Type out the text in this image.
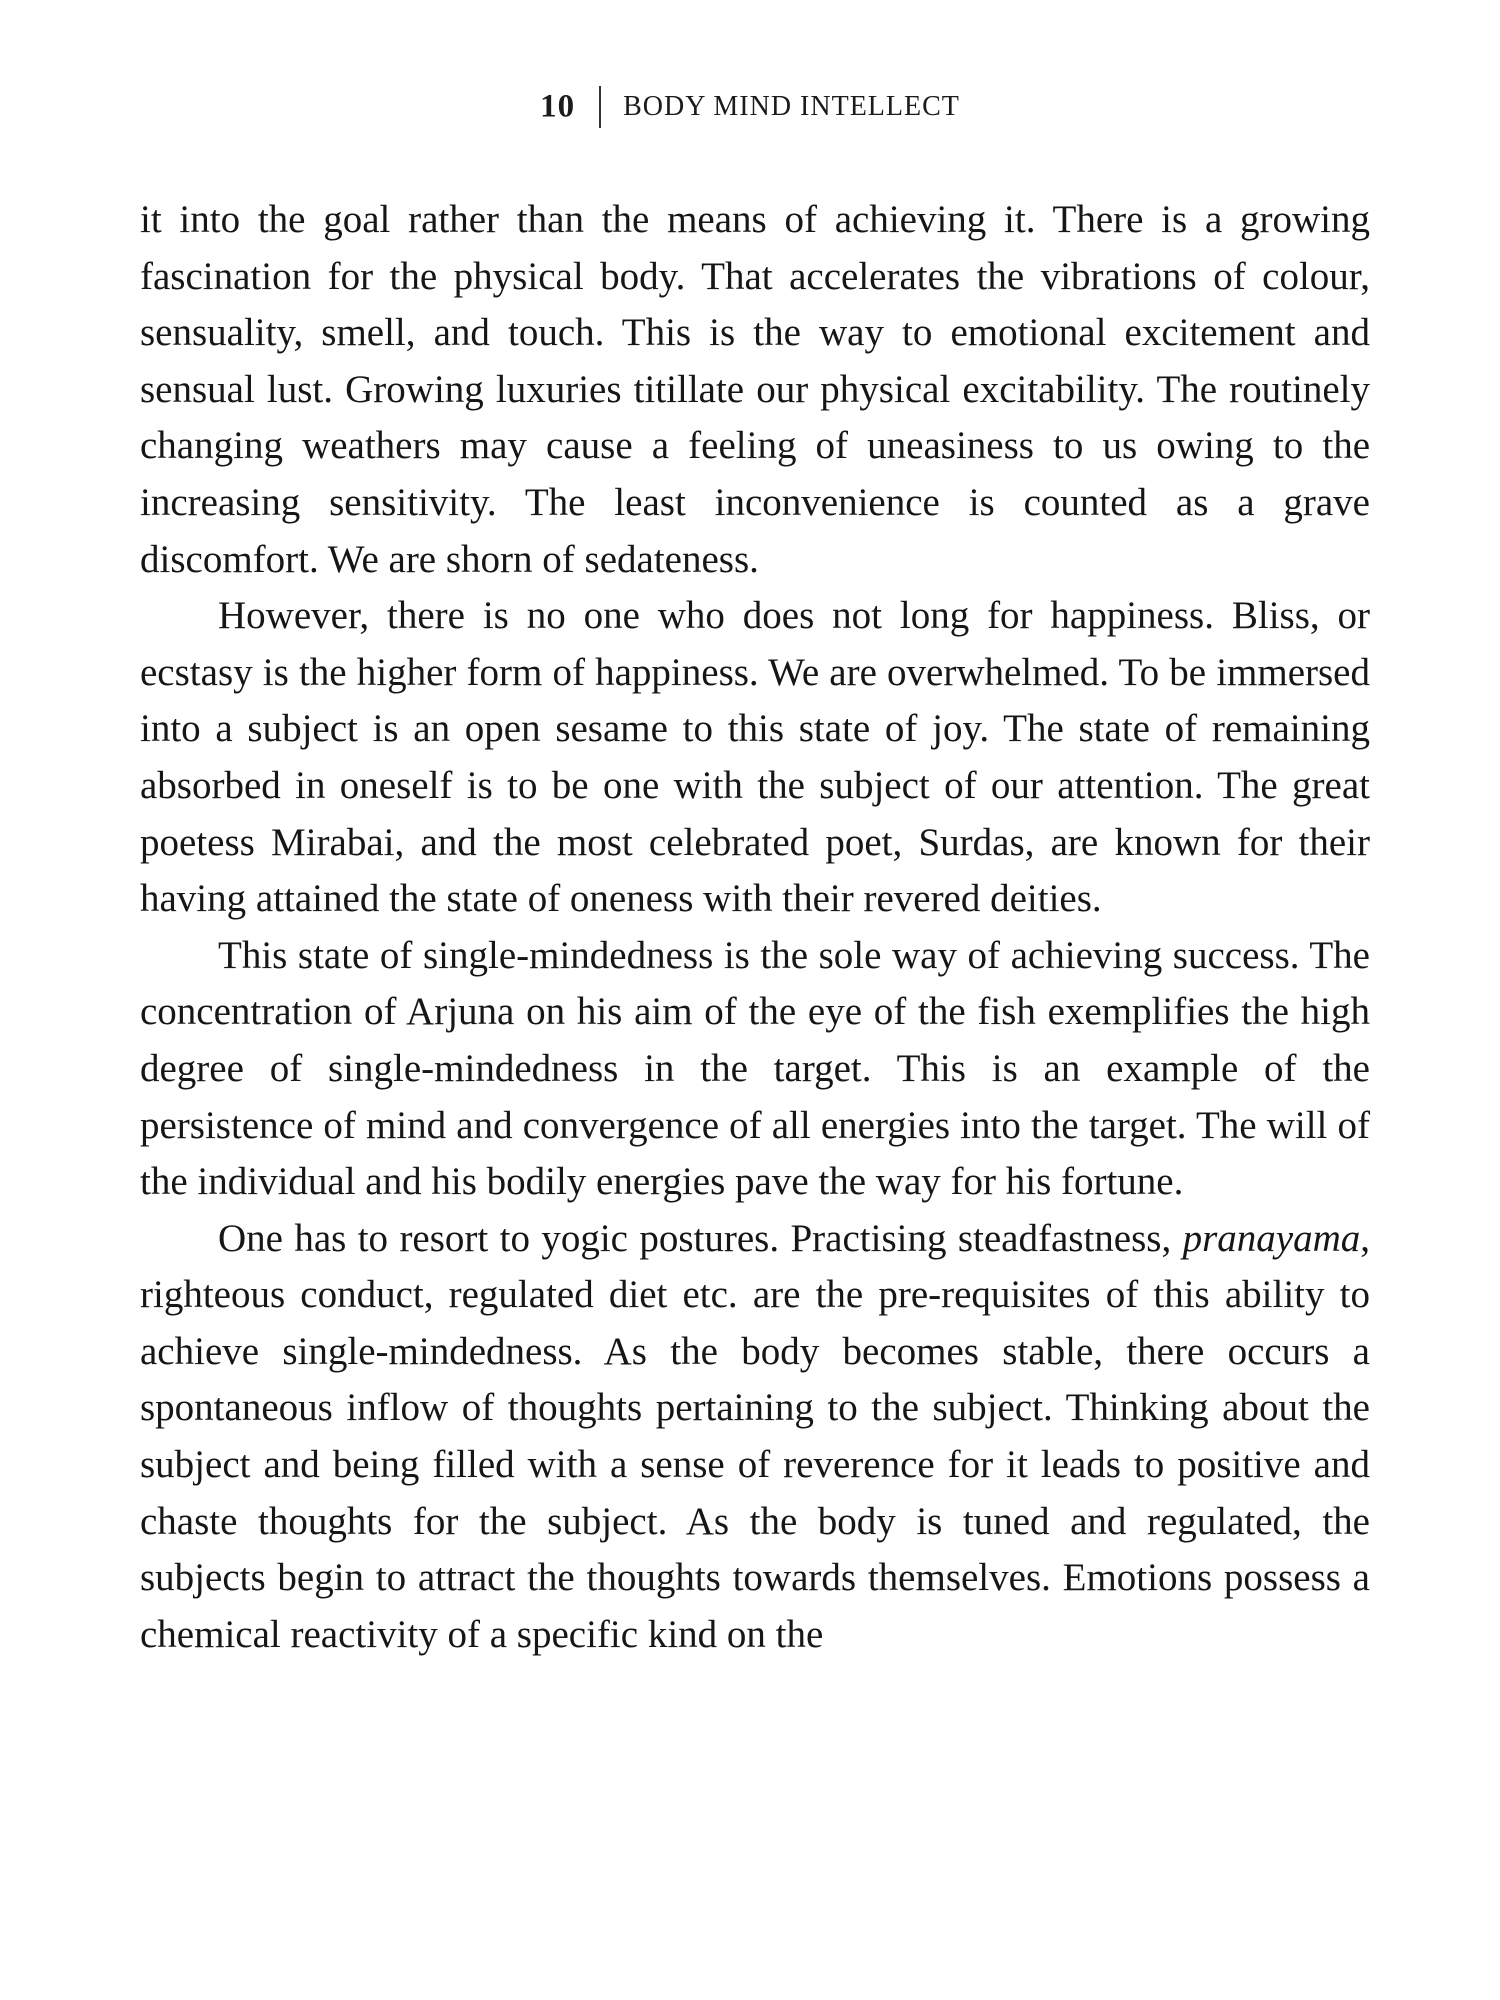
10 BODY MIND INTELLECT

it into the goal rather than the means of achieving it. There is a growing fascination for the physical body. That accelerates the vibrations of colour, sensuality, smell, and touch. This is the way to emotional excitement and sensual lust. Growing luxuries titillate our physical excitability. The routinely changing weathers may cause a feeling of uneasiness to us owing to the increasing sensitivity. The least inconvenience is counted as a grave discomfort. We are shorn of sedateness.

However, there is no one who does not long for happiness. Bliss, or ecstasy is the higher form of happiness. We are overwhelmed. To be immersed into a subject is an open sesame to this state of joy. The state of remaining absorbed in oneself is to be one with the subject of our attention. The great poetess Mirabai, and the most celebrated poet, Surdas, are known for their having attained the state of oneness with their revered deities.

This state of single-mindedness is the sole way of achieving success. The concentration of Arjuna on his aim of the eye of the fish exemplifies the high degree of single-mindedness in the target. This is an example of the persistence of mind and convergence of all energies into the target. The will of the individual and his bodily energies pave the way for his fortune.

One has to resort to yogic postures. Practising steadfastness, pranayama, righteous conduct, regulated diet etc. are the pre-requisites of this ability to achieve single-mindedness. As the body becomes stable, there occurs a spontaneous inflow of thoughts pertaining to the subject. Thinking about the subject and being filled with a sense of reverence for it leads to positive and chaste thoughts for the subject. As the body is tuned and regulated, the subjects begin to attract the thoughts towards themselves. Emotions possess a chemical reactivity of a specific kind on the
